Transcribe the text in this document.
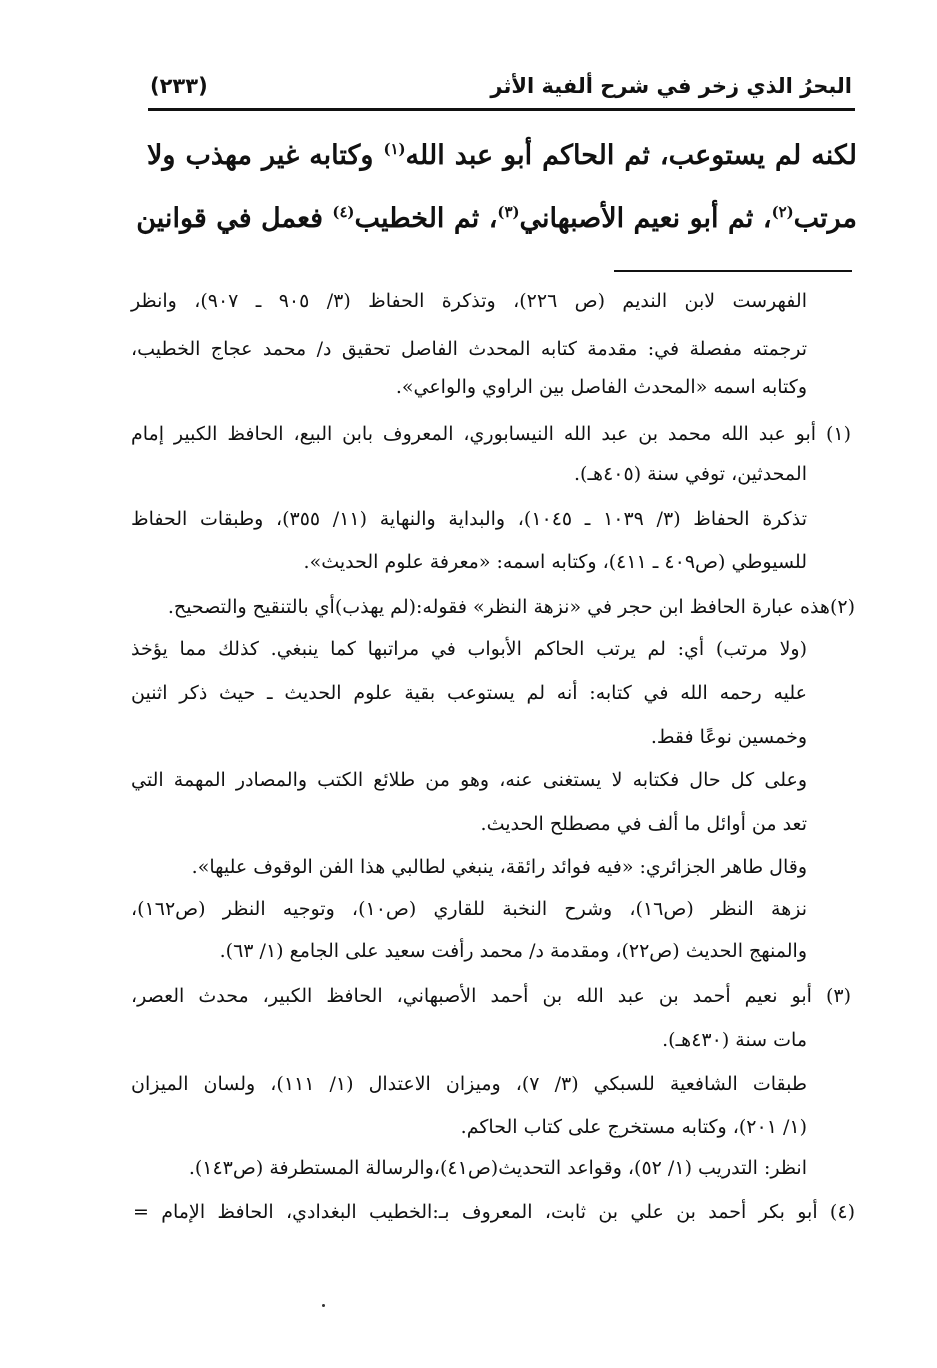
البحرُ الذي زخر في شرح ألفية الأثر
(٢٣٣)
لكنه لم يستوعب، ثم الحاكم أبو عبد الله$^{(١)}$ وكتابه غير مهذب ولا
مرتب$^{(٢)}$، ثم أبو نعيم الأصبهاني$^{(٣)}$، ثم الخطيب$^{(٤)}$ فعمل في قوانين
الفهرست لابن النديم (ص ٢٢٦)، وتذكرة الحفاظ (٣/ ٩٠٥ ـ ٩٠٧)، وانظر
ترجمته مفصلة في: مقدمة كتابه المحدث الفاصل تحقيق د/ محمد عجاج الخطيب،
وكتابه اسمه «المحدث الفاصل بين الراوي والواعي».
(١) أبو عبد الله محمد بن عبد الله النيسابوري، المعروف بابن البيع، الحافظ الكبير إمام
المحدثين، توفي سنة (٤٠٥هـ).
تذكرة الحفاظ (٣/ ١٠٣٩ ـ ١٠٤٥)، والبداية والنهاية (١١/ ٣٥٥)، وطبقات الحفاظ
للسيوطي (ص٤٠٩ ـ ٤١١)، وكتابه اسمه: «معرفة علوم الحديث».
(٢)هذه عبارة الحافظ ابن حجر في «نزهة النظر» فقوله:(لم يهذب)أي بالتنقيح والتصحيح.
(ولا مرتب) أي: لم يرتب الحاكم الأبواب في مراتبها كما ينبغي. كذلك مما يؤخذ
عليه رحمه الله في كتابه: أنه لم يستوعب بقية علوم الحديث ـ حيث ذكر اثنين
وخمسين نوعًا فقط.
وعلى كل حال فكتابه لا يستغنى عنه، وهو من طلائع الكتب والمصادر المهمة التي
تعد من أوائل ما ألف في مصطلح الحديث.
وقال طاهر الجزائري: «فيه فوائد رائقة، ينبغي لطالبي هذا الفن الوقوف عليها».
نزهة النظر (ص١٦)، وشرح النخبة للقاري (ص١٠)، وتوجيه النظر (ص١٦٢)،
والمنهج الحديث (ص٢٢)، ومقدمة د/ محمد رأفت سعيد على الجامع (١/ ٦٣).
(٣) أبو نعيم أحمد بن عبد الله بن أحمد الأصبهاني، الحافظ الكبير، محدث العصر،
مات سنة (٤٣٠هـ).
طبقات الشافعية للسبكي (٣/ ٧)، وميزان الاعتدال (١/ ١١١)، ولسان الميزان
(١/ ٢٠١)، وكتابه مستخرج على كتاب الحاكم.
انظر: التدريب (١/ ٥٢)، وقواعد التحديث(ص٤١)،والرسالة المستطرفة (ص١٤٣).
(٤) أبو بكر أحمد بن علي بن ثابت، المعروف بـ:الخطيب البغدادي، الحافظ الإمام =
